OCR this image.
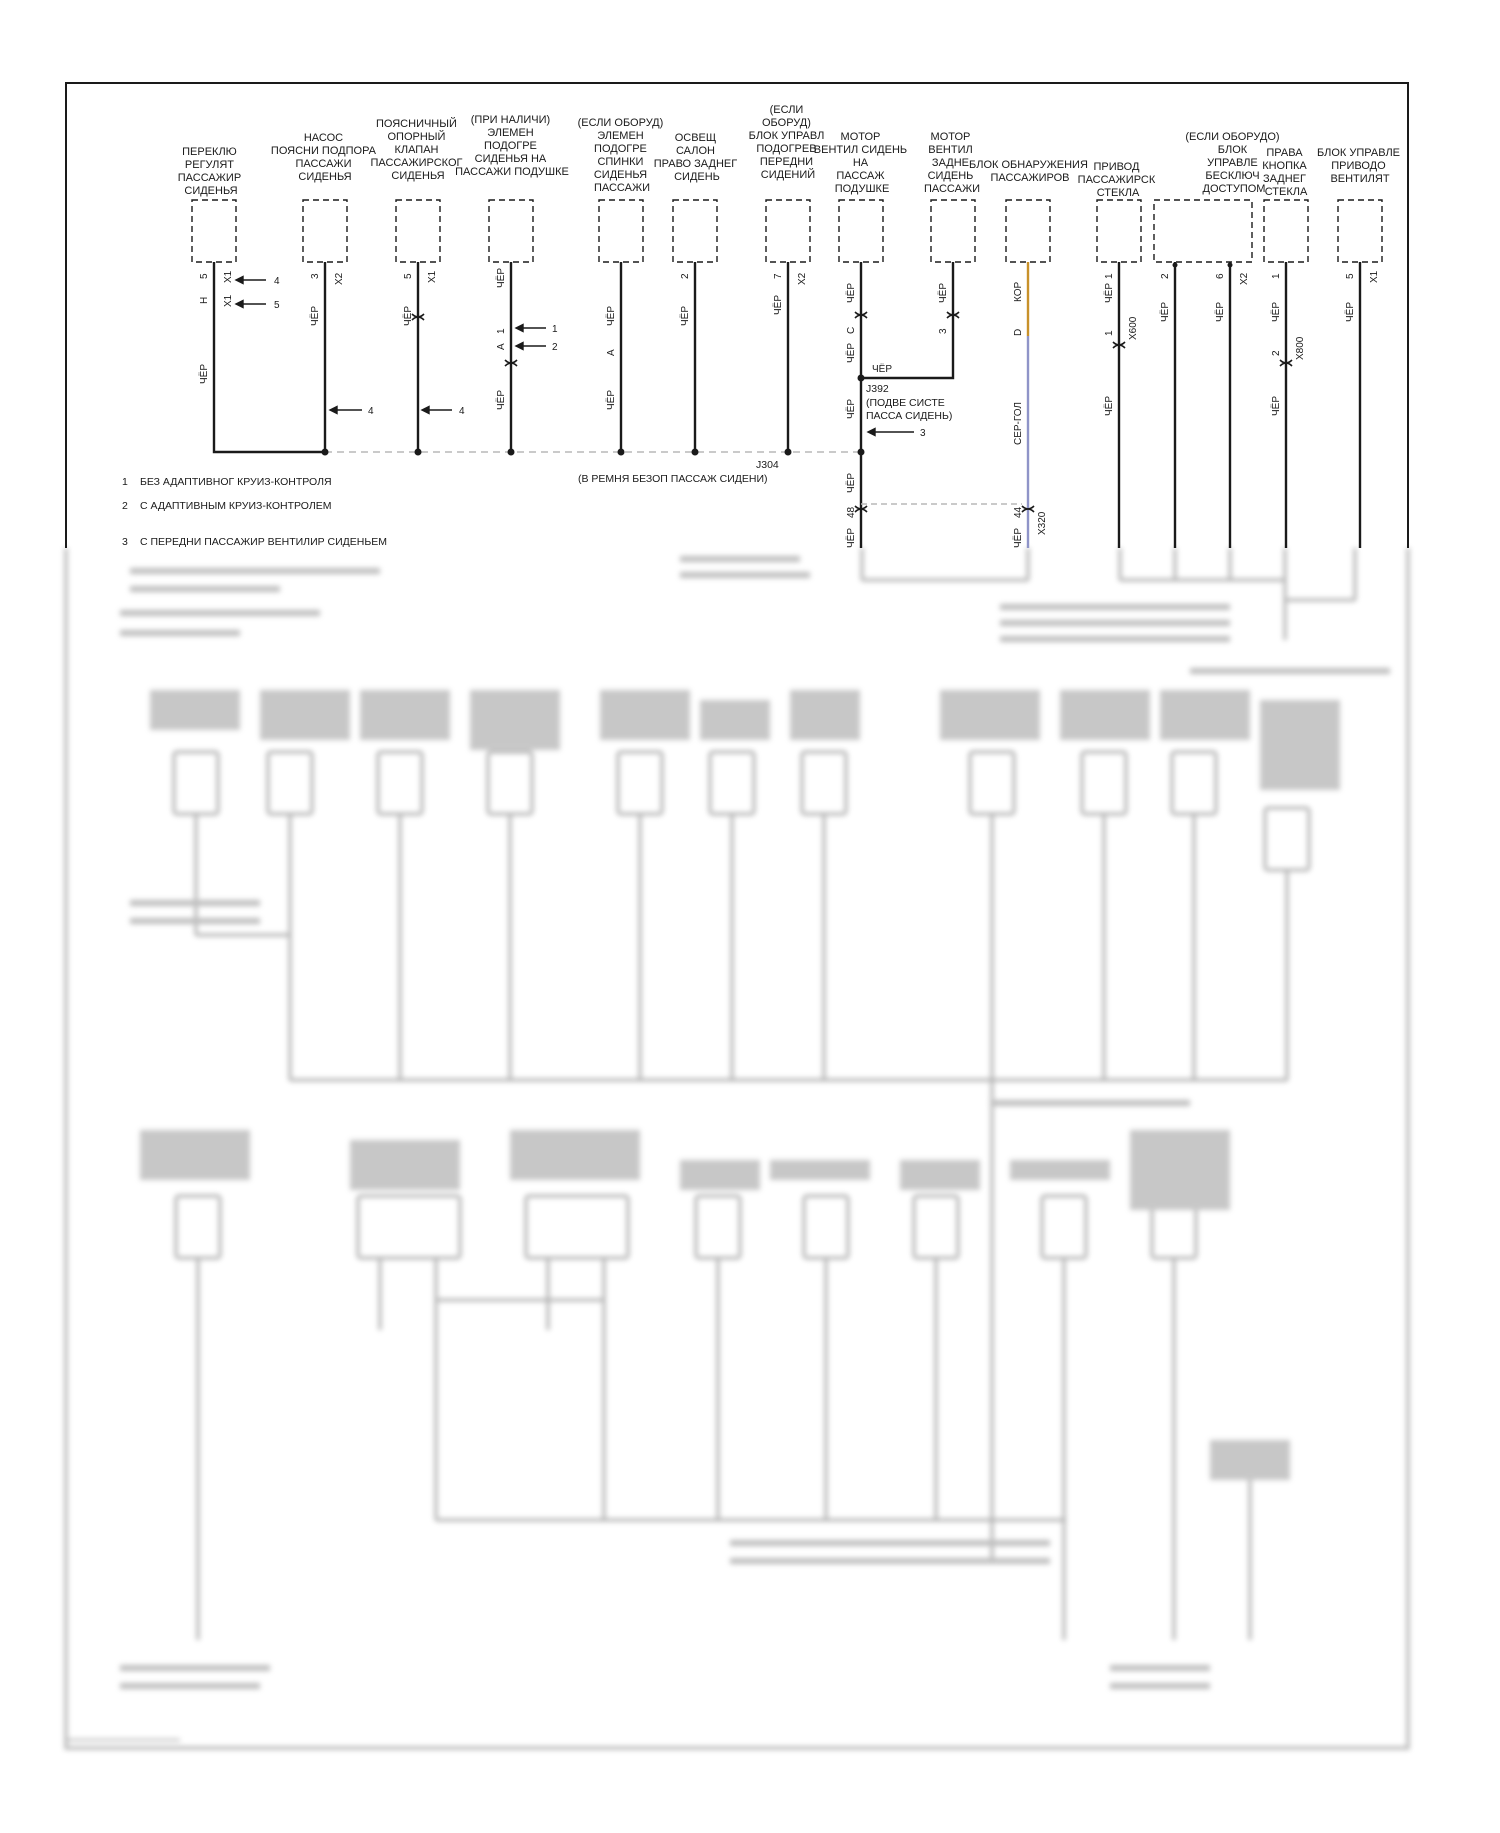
ПЕРЕКЛЮ РЕГУЛЯТ ПАССАЖИР СИДЕНЬЯ
НАСОС ПОЯСНИ ПОДПОРА ПАССАЖИ СИДЕНЬЯ
ПОЯСНИЧНЫЙ ОПОРНЫЙ КЛАПАН ПАССАЖИРСКОГ СИДЕНЬЯ
(ПРИ НАЛИЧИ) ЭЛЕМЕН ПОДОГРЕ СИДЕНЬЯ НА ПАССАЖИ ПОДУШКЕ
(ЕСЛИ ОБОРУД) ЭЛЕМЕН ПОДОГРЕ СПИНКИ СИДЕНЬЯ ПАССАЖИ
ОСВЕЩ САЛОН ПРАВО ЗАДНЕГ СИДЕНЬ
(ЕСЛИ ОБОРУД) БЛОК УПРАВЛ ПОДОГРЕВ ПЕРЕДНИ СИДЕНИЙ
МОТОР ВЕНТИЛ СИДЕНЬ НА ПАССАЖ ПОДУШКЕ
МОТОР ВЕНТИЛ ЗАДНЕ СИДЕНЬ ПАССАЖИ
БЛОК ОБНАРУЖЕНИЯ ПАССАЖИРОВ
ПРИВОД ПАССАЖИРСК СТЕКЛА
(ЕСЛИ ОБОРУДО) БЛОК УПРАВЛЕ БЕСКЛЮЧ ДОСТУПОМ
ПРАВА КНОПКА ЗАДНЕГ СТЕКЛА
БЛОК УПРАВЛЕ ПРИВОДО ВЕНТИЛЯТ
4
5
4	4
1
2
3
5 X1
Н X1
ЧЁР
3 X2
ЧЁР
5 X1
ЧЁР
ЧЁР
1
A
ЧЁР
ЧЁР
A
ЧЁР
2
ЧЁР
7 X2
ЧЁР
ЧЁР
C
ЧЁР
ЧЁР
ЧЁР
ЧЁР
48
ЧЁР
3
КОР
D
СЕР-ГОЛ
44 X320
ЧЁР
1
ЧЁР
1 X600
ЧЁР
2
ЧЁР
6 X2
ЧЁР
1
ЧЁР
2 X800
ЧЁР
5 X1
ЧЁР
ЧЁР
J392
(ПОДВЕ СИСТЕ
ПАССА СИДЕНЬ)
J304
(В РЕМНЯ БЕЗОП ПАССАЖ СИДЕНИ)
1 БЕЗ АДАПТИВНОГ КРУИЗ-КОНТРОЛЯ
2 С АДАПТИВНЫМ КРУИЗ-КОНТРОЛЕМ
3 С ПЕРЕДНИ ПАССАЖИР ВЕНТИЛИР СИДЕНЬЕМ
